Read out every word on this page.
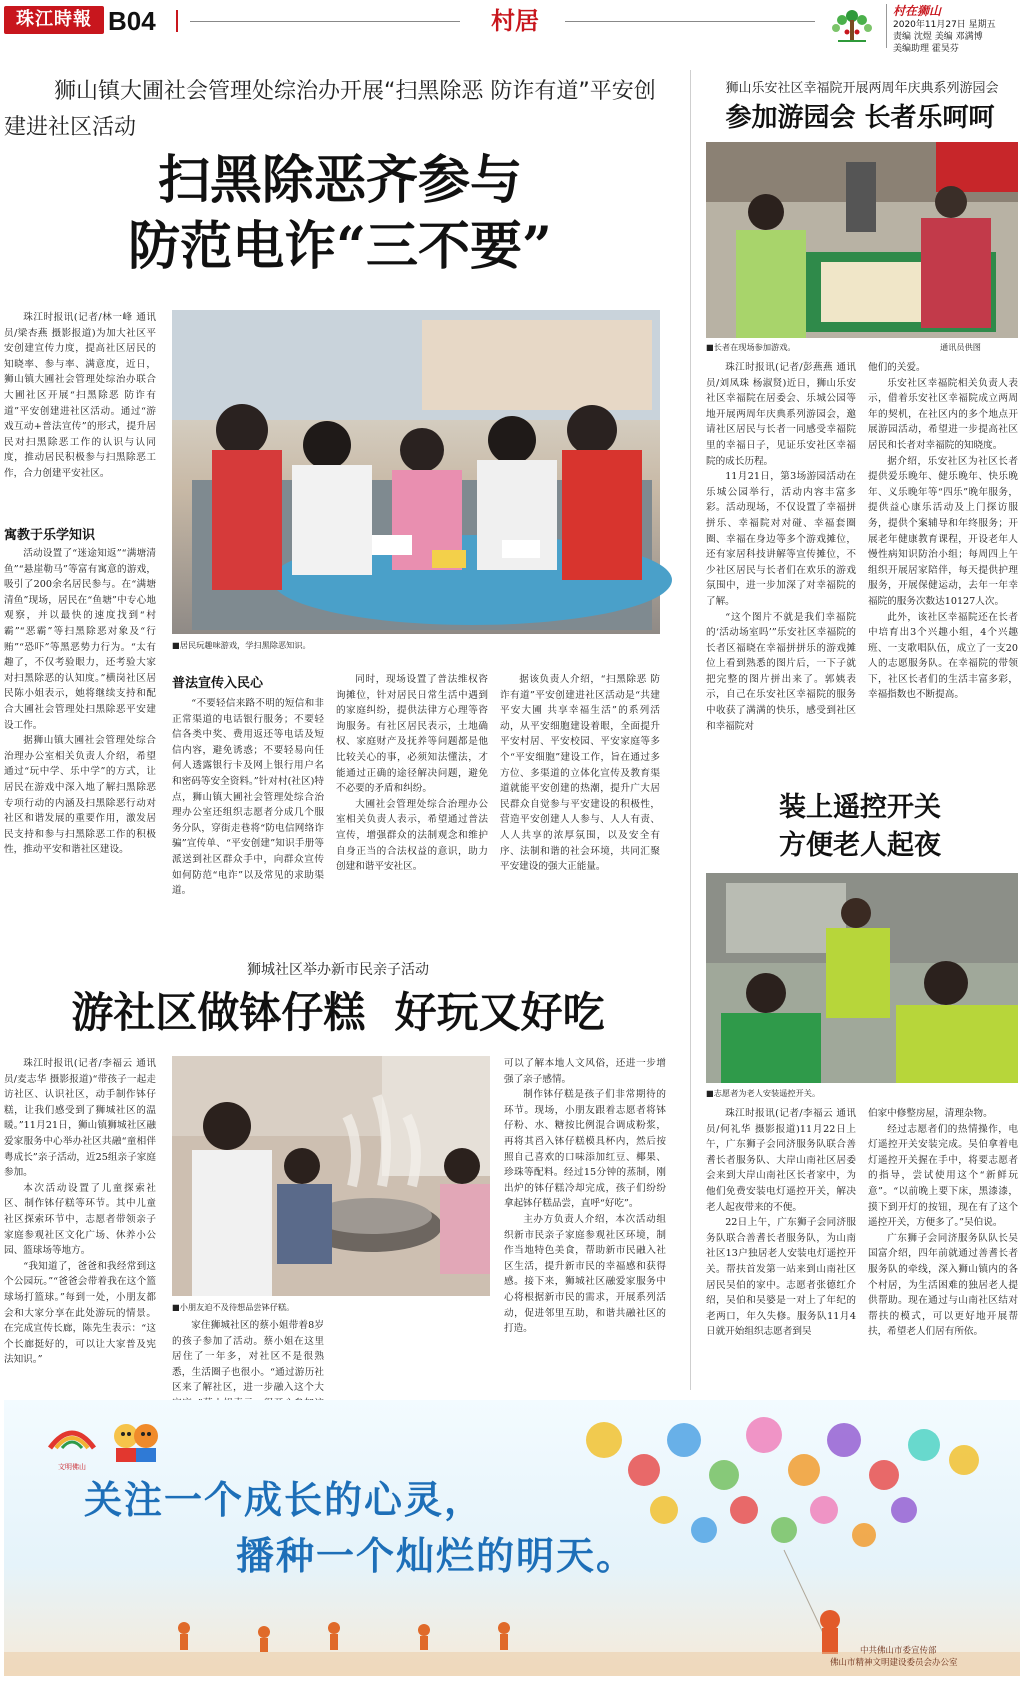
珠江時報 B04	村居	村在狮山
2020年11月27日 星期五
责编 沈煜 美编 邓满博
美编助理 霍昊芬
狮山镇大圃社会管理处综治办开展“扫黑除恶 防诈有道”平安创建进社区活动
扫黑除恶齐参与
防范电诈“三不要”

珠江时报讯(记者/林一峰 通讯员/梁杏燕 摄影报道)为加大社区平安创建宣传力度，提高社区居民的知晓率、参与率、满意度，近日，狮山镇大圃社会管理处综治办联合大圃社区开展“扫黑除恶 防诈有道”平安创建进社区活动。通过“游戏互动+普法宣传”的形式，提升居民对扫黑除恶工作的认识与认同度，推动居民积极参与扫黑除恶工作，合力创建平安社区。

寓教于乐学知识

活动设置了“迷途知返”“满塘清鱼”“悬崖勒马”等富有寓意的游戏，吸引了200余名居民参与。在“满塘清鱼”现场，居民在“鱼塘”中专心地观察，并以最快的速度找到“村霸”“恶霸”等扫黑除恶对象及“行贿”“恐吓”等黑恶势力行为。“太有趣了，不仅考验眼力，还考验大家对扫黑除恶的认知度。”横岗社区居民陈小姐表示，她将继续支持和配合大圃社会管理处扫黑除恶平安建设工作。

据狮山镇大圃社会管理处综合治理办公室相关负责人介绍，希望通过“玩中学、乐中学”的方式，让居民在游戏中深入地了解扫黑除恶专项行动的内涵及扫黑除恶行动对社区和谐发展的重要作用，激发居民支持和参与扫黑除恶工作的积极性，推动平安和谐社区建设。

■居民玩趣味游戏，学扫黑除恶知识。
普法宣传入民心

“不要轻信来路不明的短信和非正常渠道的电话银行服务；不要轻信各类中奖、费用返还等电话及短信内容，避免诱惑；不要轻易向任何人透露银行卡及网上银行用户名和密码等安全资料。”针对村(社区)特点，狮山镇大圃社会管理处综合治理办公室还组织志愿者分成几个服务分队，穿街走巷将“防电信网络诈骗”宣传单、“平安创建”知识手册等派送到社区群众手中，向群众宣传如何防范“电诈”以及常见的求助渠道。

同时，现场设置了普法维权咨询摊位，针对居民日常生活中遇到的家庭纠纷，提供法律方心理等咨询服务。有社区居民表示，土地确权、家庭财产及抚养等问题都是他比较关心的事，必须知法懂法，才能通过正确的途径解决问题，避免不必要的矛盾和纠纷。

大圃社会管理处综合治理办公室相关负责人表示，希望通过普法宣传，增强群众的法制观念和维护自身正当的合法权益的意识，助力创建和谐平安社区。

据该负责人介绍，“扫黑除恶 防诈有道”平安创建进社区活动是“共建平安大圃 共享幸福生活”的系列活动，从平安细胞建设着眼，全面提升平安村居、平安校园、平安家庭等多个“平安细胞”建设工作，旨在通过多方位、多渠道的立体化宣传及教育渠道就能平安创建的热潮，提升广大居民群众自觉参与平安建设的积极性，营造平安创建人人参与、人人有责、人人共享的浓厚氛围，以及安全有序、法制和谐的社会环境，共同汇聚平安建设的强大正能量。

狮山乐安社区幸福院开展两周年庆典系列游园会
参加游园会 长者乐呵呵
■长者在现场参加游戏。	通讯员供图

珠江时报讯(记者/彭燕燕 通讯员/刘凤珠 杨淑贤)近日，狮山乐安社区幸福院在居委会、乐城公园等地开展两周年庆典系列游园会，邀请社区居民与长者一同感受幸福院里的幸福日子，见证乐安社区幸福院的成长历程。

11月21日，第3场游园活动在乐城公园举行，活动内容丰富多彩。活动现场，不仅设置了幸福拼拼乐、幸福院对对碰、幸福套圈圈、幸福在身边等多个游戏摊位，还有家居科技讲解等宣传摊位，不少社区居民与长者们在欢乐的游戏氛围中，进一步加深了对幸福院的了解。

“这个图片不就是我们幸福院的‘活动场室吗’”乐安社区幸福院的长者区福晓在幸福拼拼乐的游戏摊位上看到熟悉的图片后，一下子就把完整的图片拼出来了。郭姨表示，自己在乐安社区幸福院的服务中收获了满满的快乐，感受到社区和幸福院对

他们的关爱。

乐安社区幸福院相关负责人表示，借着乐安社区幸福院成立两周年的契机，在社区内的多个地点开展游园活动，希望进一步提高社区居民和长者对幸福院的知晓度。

据介绍，乐安社区为社区长者提供爱乐晚年、健乐晚年、快乐晚年、义乐晚年等“四乐”晚年服务，提供益心康乐活动及上门探访服务，提供个案辅导和年终服务；开展老年健康教育课程，开设老年人慢性病知识防治小组；每周四上午组织开展居家陪伴，每天提供护理服务，开展保健运动，去年一年幸福院的服务次数达10127人次。

此外，该社区幸福院还在长者中培育出3个兴趣小组，4个兴趣班、一支歌唱队伍，成立了一支20人的志愿服务队。在幸福院的带领下，社区长者们的生活丰富多彩，幸福指数也不断提高。

装上遥控开关
方便老人起夜
■志愿者为老人安装遥控开关。

珠江时报讯(记者/李福云 通讯员/何礼华 摄影报道)11月22日上午，广东狮子会同济服务队联合善耆长者服务队、大岸山南社区居委会来到大岸山南社区长者家中，为他们免费安装电灯遥控开关，解决老人起夜带来的不便。

22日上午，广东狮子会同济服务队联合善耆长者服务队，为山南社区13户独居老人安装电灯遥控开关。帮扶首发第一站来到山南社区居民吴伯的家中。志愿者张德红介绍，吴伯和吴婆是一对上了年纪的老两口，年久失修。服务队11月4日就开始组织志愿者到吴

伯家中修整房屋，清理杂物。

经过志愿者们的热情操作，电灯遥控开关安装完成。吴伯拿着电灯遥控开关握在手中，将要志愿者的指导，尝试使用这个“新鲜玩意”。“以前晚上要下床，黑漆漆，摸下到开灯的按钮，现在有了这个遥控开关，方便多了。”吴伯说。

广东狮子会同济服务队队长吴国富介绍，四年前就通过善耆长者服务队的牵线，深入狮山镇内的各个村居，为生活困难的独居老人提供帮助。现在通过与山南社区结对帮扶的模式，可以更好地开展帮扶，希望老人们居有所依。

狮城社区举办新市民亲子活动
游社区做钵仔糕  好玩又好吃

珠江时报讯(记者/李福云 通讯员/麦志华 摄影报道)“带孩子一起走访社区、认识社区，动手制作钵仔糕，让我们感受到了狮城社区的温暖。”11月21日，狮山镇狮城社区融爱家服务中心举办社区共融“童相伴 粤成长”亲子活动，近25组亲子家庭参加。

本次活动设置了儿童探索社区、制作钵仔糕等环节。其中儿童社区探索环节中，志愿者带领亲子家庭参观社区文化广场、休养小公园、篮球场等地方。

“我知道了，爸爸和我经常到这个公园玩。”“爸爸会带着我在这个篮球场打篮球。”每到一处，小朋友都会和大家分享在此处游玩的情景。在完成宣传长廊，陈先生表示：“这个长廊挺好的，可以让大家普及宪法知识。”

■小朋友迫不及待想品尝钵仔糕。

家住狮城社区的蔡小姐带着8岁的孩子参加了活动。蔡小姐在这里居住了一年多，对社区不是很熟悉，生活圈子也很小。“通过游历社区来了解社区，进一步融入这个大

可以了解本地人文风俗，还进一步增强了亲子感情。

制作钵仔糕是孩子们非常期待的环节。现场，小朋友跟着志愿者将钵仔粉、水、糖按比例混合调成粉浆，再将其舀入钵仔糕模具杯内，然后按照自己喜欢的口味添加红豆、椰果、珍珠等配料。经过15分钟的蒸制，刚出炉的钵仔糕冷却完成，孩子们纷纷拿起钵仔糕品尝，直呼“好吃”。

主办方负责人介绍，本次活动组织新市民亲子家庭参观社区环境，制作当地特色美食，帮助新市民融入社区生活，提升新市民的幸福感和获得感。接下来，狮城社区融爱家服务中心将根据新市民的需求，开展系列活动，促进邻里互助，和谐共融社区的打造。

文明佛山
关注一个成长的心灵，
播种一个灿烂的明天。
中共佛山市委宣传部
佛山市精神文明建设委员会办公室
